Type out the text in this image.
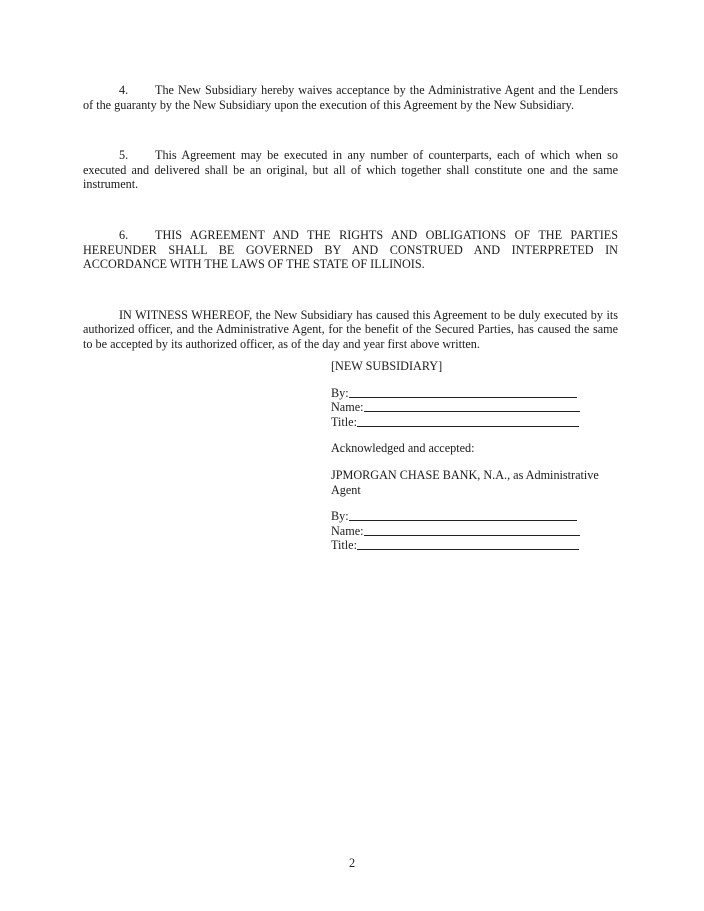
4. The New Subsidiary hereby waives acceptance by the Administrative Agent and the Lenders of the guaranty by the New Subsidiary upon the execution of this Agreement by the New Subsidiary.

5. This Agreement may be executed in any number of counterparts, each of which when so executed and delivered shall be an original, but all of which together shall constitute one and the same instrument.

6. THIS AGREEMENT AND THE RIGHTS AND OBLIGATIONS OF THE PARTIES HEREUNDER SHALL BE GOVERNED BY AND CONSTRUED AND INTERPRETED IN ACCORDANCE WITH THE LAWS OF THE STATE OF ILLINOIS.

IN WITNESS WHEREOF, the New Subsidiary has caused this Agreement to be duly executed by its authorized officer, and the Administrative Agent, for the benefit of the Secured Parties, has caused the same to be accepted by its authorized officer, as of the day and year first above written.

[NEW SUBSIDIARY]

By:
Name:
Title:

Acknowledged and accepted:

JPMORGAN CHASE BANK, N.A., as Administrative Agent

By:
Name:
Title:
2
